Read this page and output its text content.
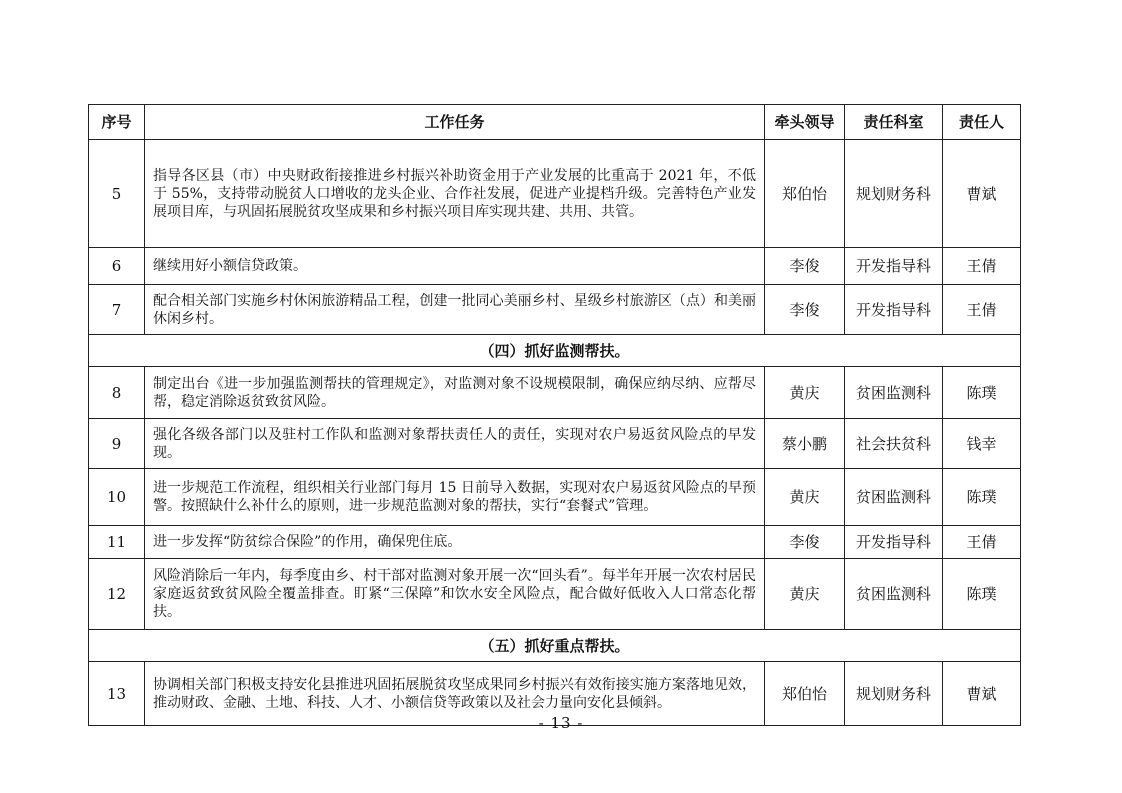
序号	工作任务	牵头领导	责任科室	责任人
5	指导各区县（市）中央财政衔接推进乡村振兴补助资金用于产业发展的比重高于 2021 年，不低于 55%，支持带动脱贫人口增收的龙头企业、合作社发展，促进产业提档升级。完善特色产业发展项目库，与巩固拓展脱贫攻坚成果和乡村振兴项目库实现共建、共用、共管。	郑伯怡	规划财务科	曹斌
6	继续用好小额信贷政策。	李俊	开发指导科	王倩
7	配合相关部门实施乡村休闲旅游精品工程，创建一批同心美丽乡村、星级乡村旅游区（点）和美丽休闲乡村。	李俊	开发指导科	王倩
（四）抓好监测帮扶。				
8	制定出台《进一步加强监测帮扶的管理规定》，对监测对象不设规模限制，确保应纳尽纳、应帮尽帮，稳定消除返贫致贫风险。	黄庆	贫困监测科	陈璞
9	强化各级各部门以及驻村工作队和监测对象帮扶责任人的责任，实现对农户易返贫风险点的早发现。	蔡小鹏	社会扶贫科	钱幸
10	进一步规范工作流程，组织相关行业部门每月 15 日前导入数据，实现对农户易返贫风险点的早预警。按照缺什么补什么的原则，进一步规范监测对象的帮扶，实行“套餐式”管理。	黄庆	贫困监测科	陈璞
11	进一步发挥“防贫综合保险”的作用，确保兜住底。	李俊	开发指导科	王倩
12	风险消除后一年内，每季度由乡、村干部对监测对象开展一次“回头看”。每半年开展一次农村居民家庭返贫致贫风险全覆盖排查。盯紧“三保障”和饮水安全风险点，配合做好低收入人口常态化帮扶。	黄庆	贫困监测科	陈璞
（五）抓好重点帮扶。				
13	协调相关部门积极支持安化县推进巩固拓展脱贫攻坚成果同乡村振兴有效衔接实施方案落地见效，推动财政、金融、土地、科技、人才、小额信贷等政策以及社会力量向安化县倾斜。	郑伯怡	规划财务科	曹斌
- 13 -
